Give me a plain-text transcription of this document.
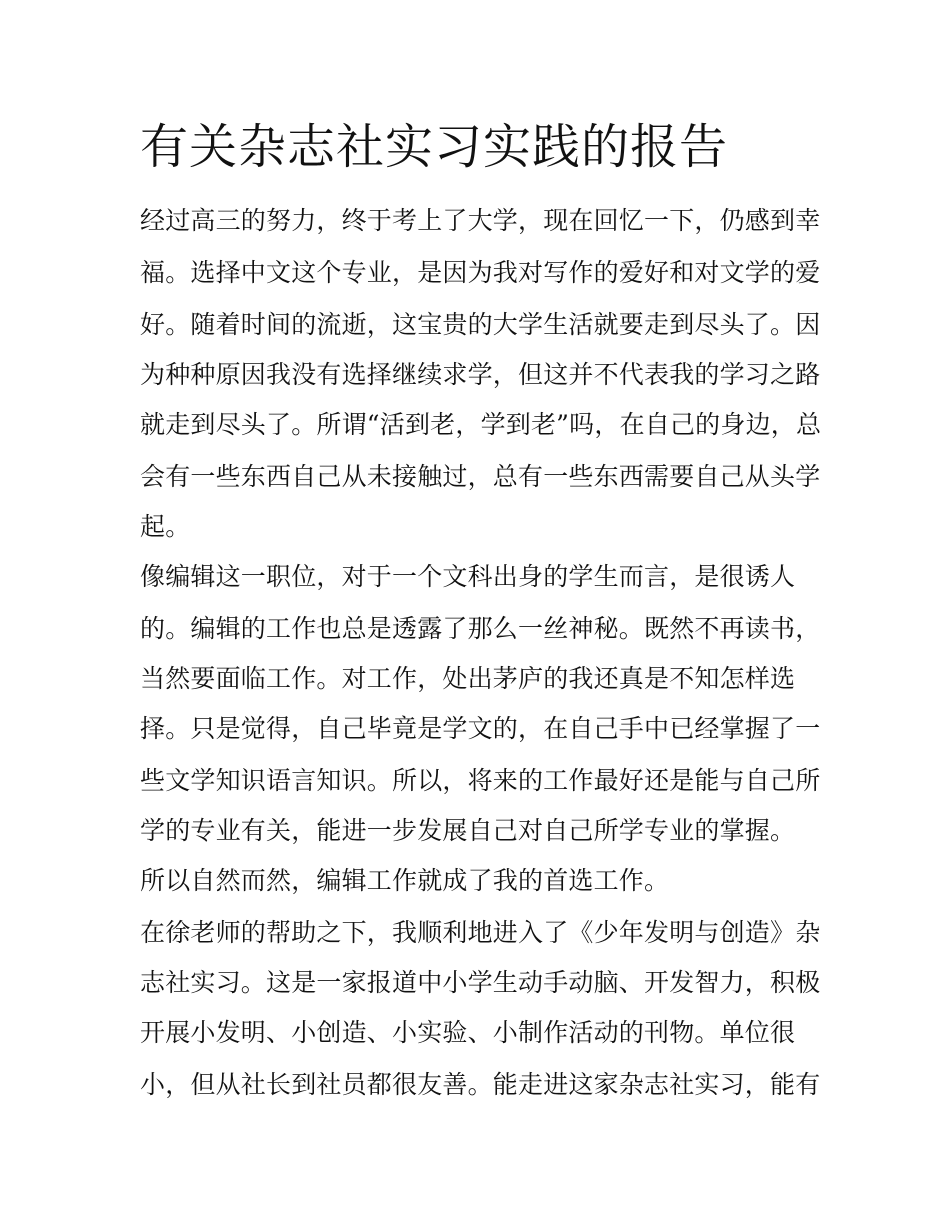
有关杂志社实习实践的报告

经过高三的努力，终于考上了大学，现在回忆一下，仍感到幸

福。选择中文这个专业，是因为我对写作的爱好和对文学的爱

好。随着时间的流逝，这宝贵的大学生活就要走到尽头了。因

为种种原因我没有选择继续求学，但这并不代表我的学习之路

就走到尽头了。所谓“活到老，学到老”吗，在自己的身边，总

会有一些东西自己从未接触过，总有一些东西需要自己从头学

起。

像编辑这一职位，对于一个文科出身的学生而言，是很诱人

的。编辑的工作也总是透露了那么一丝神秘。既然不再读书，

当然要面临工作。对工作，处出茅庐的我还真是不知怎样选

择。只是觉得，自己毕竟是学文的，在自己手中已经掌握了一

些文学知识语言知识。所以，将来的工作最好还是能与自己所

学的专业有关，能进一步发展自己对自己所学专业的掌握。

所以自然而然，编辑工作就成了我的首选工作。

在徐老师的帮助之下，我顺利地进入了《少年发明与创造》杂

志社实习。这是一家报道中小学生动手动脑、开发智力，积极

开展小发明、小创造、小实验、小制作活动的刊物。单位很

小，但从社长到社员都很友善。能走进这家杂志社实习，能有
